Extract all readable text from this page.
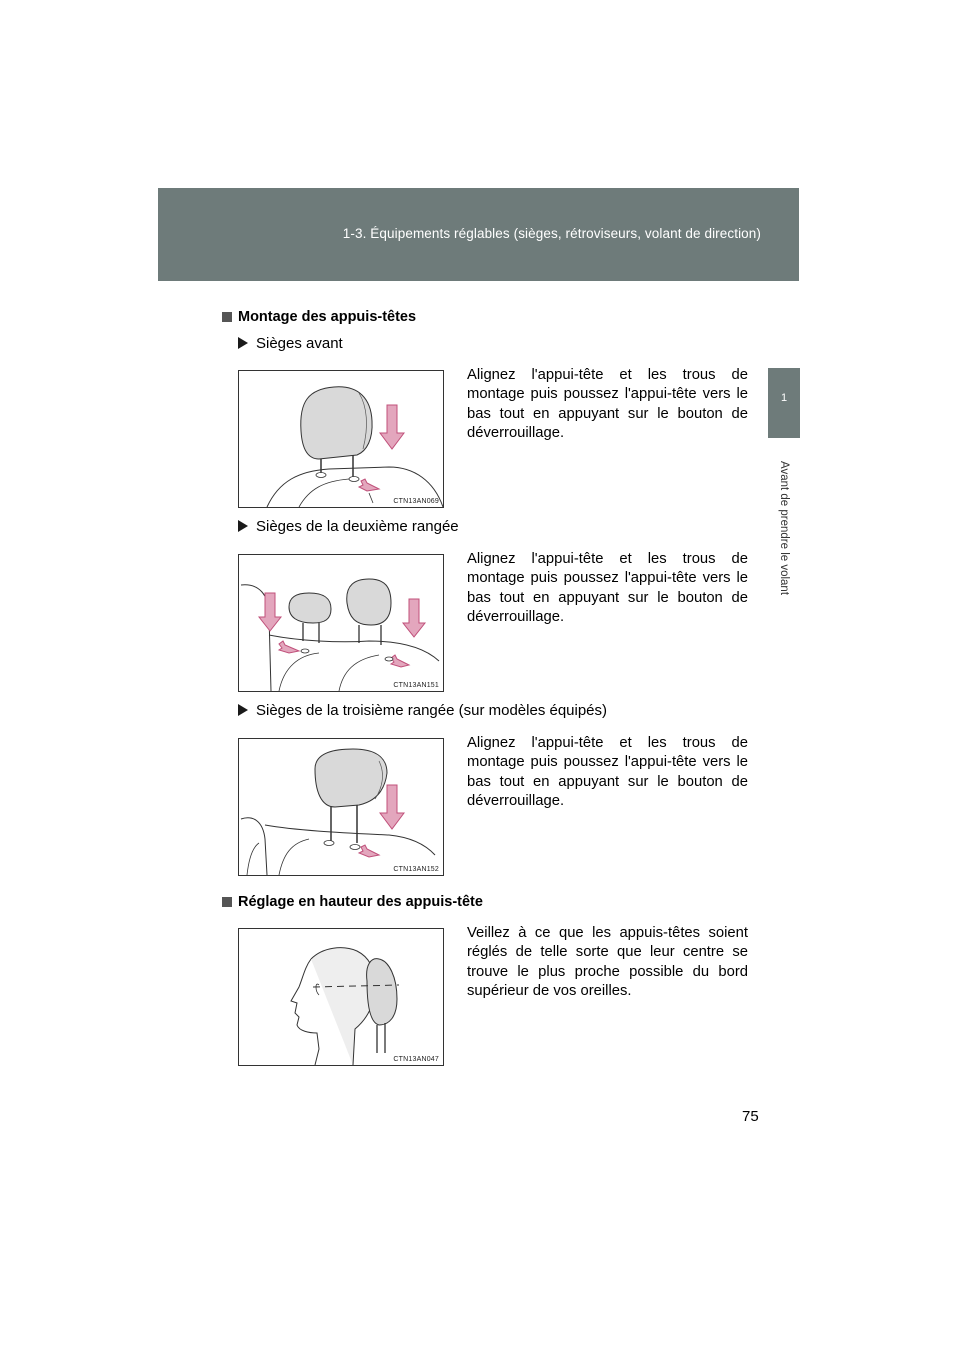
1-3. Équipements réglables (sièges, rétroviseurs, volant de direction)
1
Avant de prendre le volant
Montage des appuis-têtes
Sièges avant
Alignez l'appui-tête et les trous de montage puis poussez l'appui-tête vers le bas tout en appuyant sur le bouton de déverrouillage.
CTN13AN069
Sièges de la deuxième rangée
Alignez l'appui-tête et les trous de montage puis poussez l'appui-tête vers le bas tout en appuyant sur le bouton de déverrouillage.
CTN13AN151
Sièges de la troisième rangée (sur modèles équipés)
Alignez l'appui-tête et les trous de montage puis poussez l'appui-tête vers le bas tout en appuyant sur le bouton de déverrouillage.
CTN13AN152
Réglage en hauteur des appuis-tête
Veillez à ce que les appuis-têtes soient réglés de telle sorte que leur centre se trouve le plus proche possible du bord supérieur de vos oreilles.
CTN13AN047
75
